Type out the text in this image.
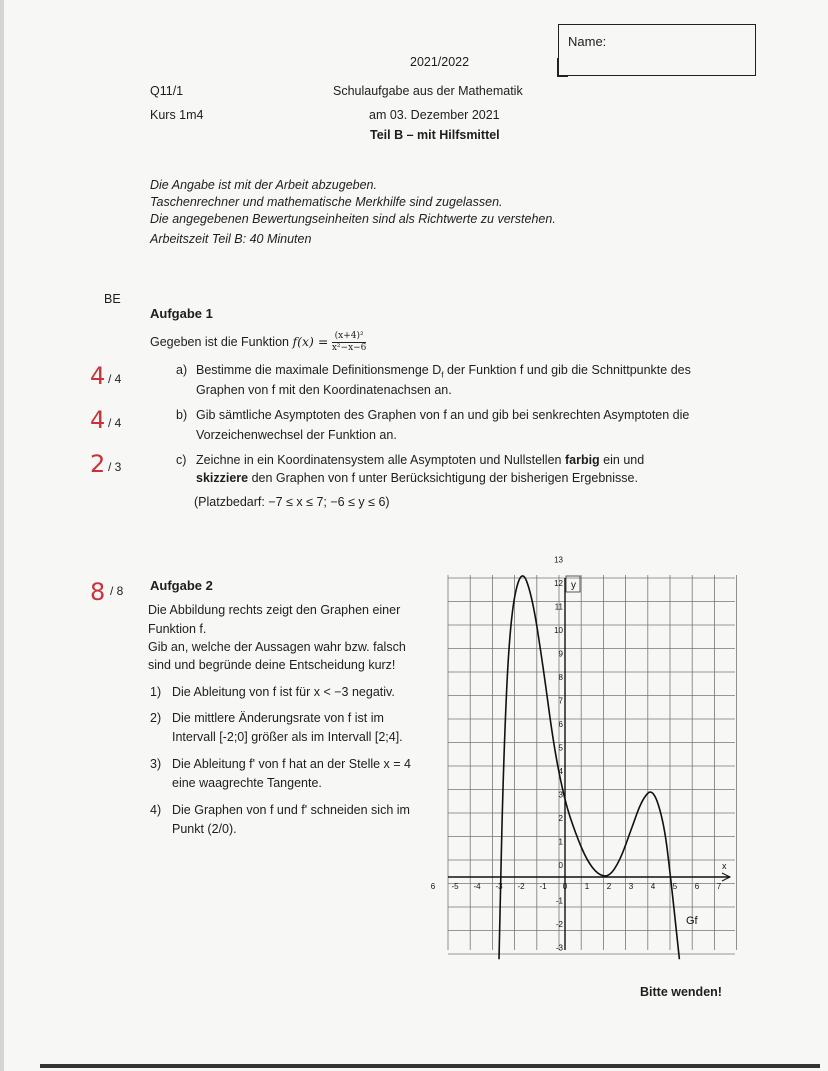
Name:
2021/2022
Q11/1	Schulaufgabe aus der Mathematik
Kurs 1m4	am 03. Dezember 2021
Teil B – mit Hilfsmittel
Die Angabe ist mit der Arbeit abzugeben.
Taschenrechner und mathematische Merkhilfe sind zugelassen.
Die angegebenen Bewertungseinheiten sind als Richtwerte zu verstehen.
Arbeitszeit Teil B: 40 Minuten
BE
Aufgabe 1
Gegeben ist die Funktion $f(x) = \frac{\text{(x+4)²}}{\text{x²−x−6}}$
4 / 4
a) Bestimme die maximale Definitionsmenge $D_f$ der Funktion f und gib die Schnittpunkte des
Graphen von f mit den Koordinatenachsen an.
4 / 4
b) Gib sämtliche Asymptoten des Graphen von f an und gib bei senkrechten Asymptoten die
Vorzeichenwechsel der Funktion an.
2 / 3	c) Zeichne in ein Koordinatensystem alle Asymptoten und Nullstellen farbig ein und
skizziere den Graphen von f unter Berücksichtigung der bisherigen Ergebnisse.
(Platzbedarf: −7 ≤ x ≤ 7; −6 ≤ y ≤ 6)
8 / 8 Aufgabe 2
Die Abbildung rechts zeigt den Graphen einer
Funktion f.
Gib an, welche der Aussagen wahr bzw. falsch
sind und begründe deine Entscheidung kurz!
1) Die Ableitung von f ist für x < −3 negativ.
2) Die mittlere Änderungsrate von f ist im
Intervall [-2;0] größer als im Intervall [2;4].
3) Die Ableitung f' von f hat an der Stelle x = 4
eine waagrechte Tangente.
4) Die Graphen von f und f' schneiden sich im
Punkt (2/0).
6 -5 -4 -3 -2 -1 0 1 2 3 4 5 6 7
13
12
11
10
9
8
7
6
5
4
3
2
1
0
-1
-2
-3
x
y
Gf
Bitte wenden!
